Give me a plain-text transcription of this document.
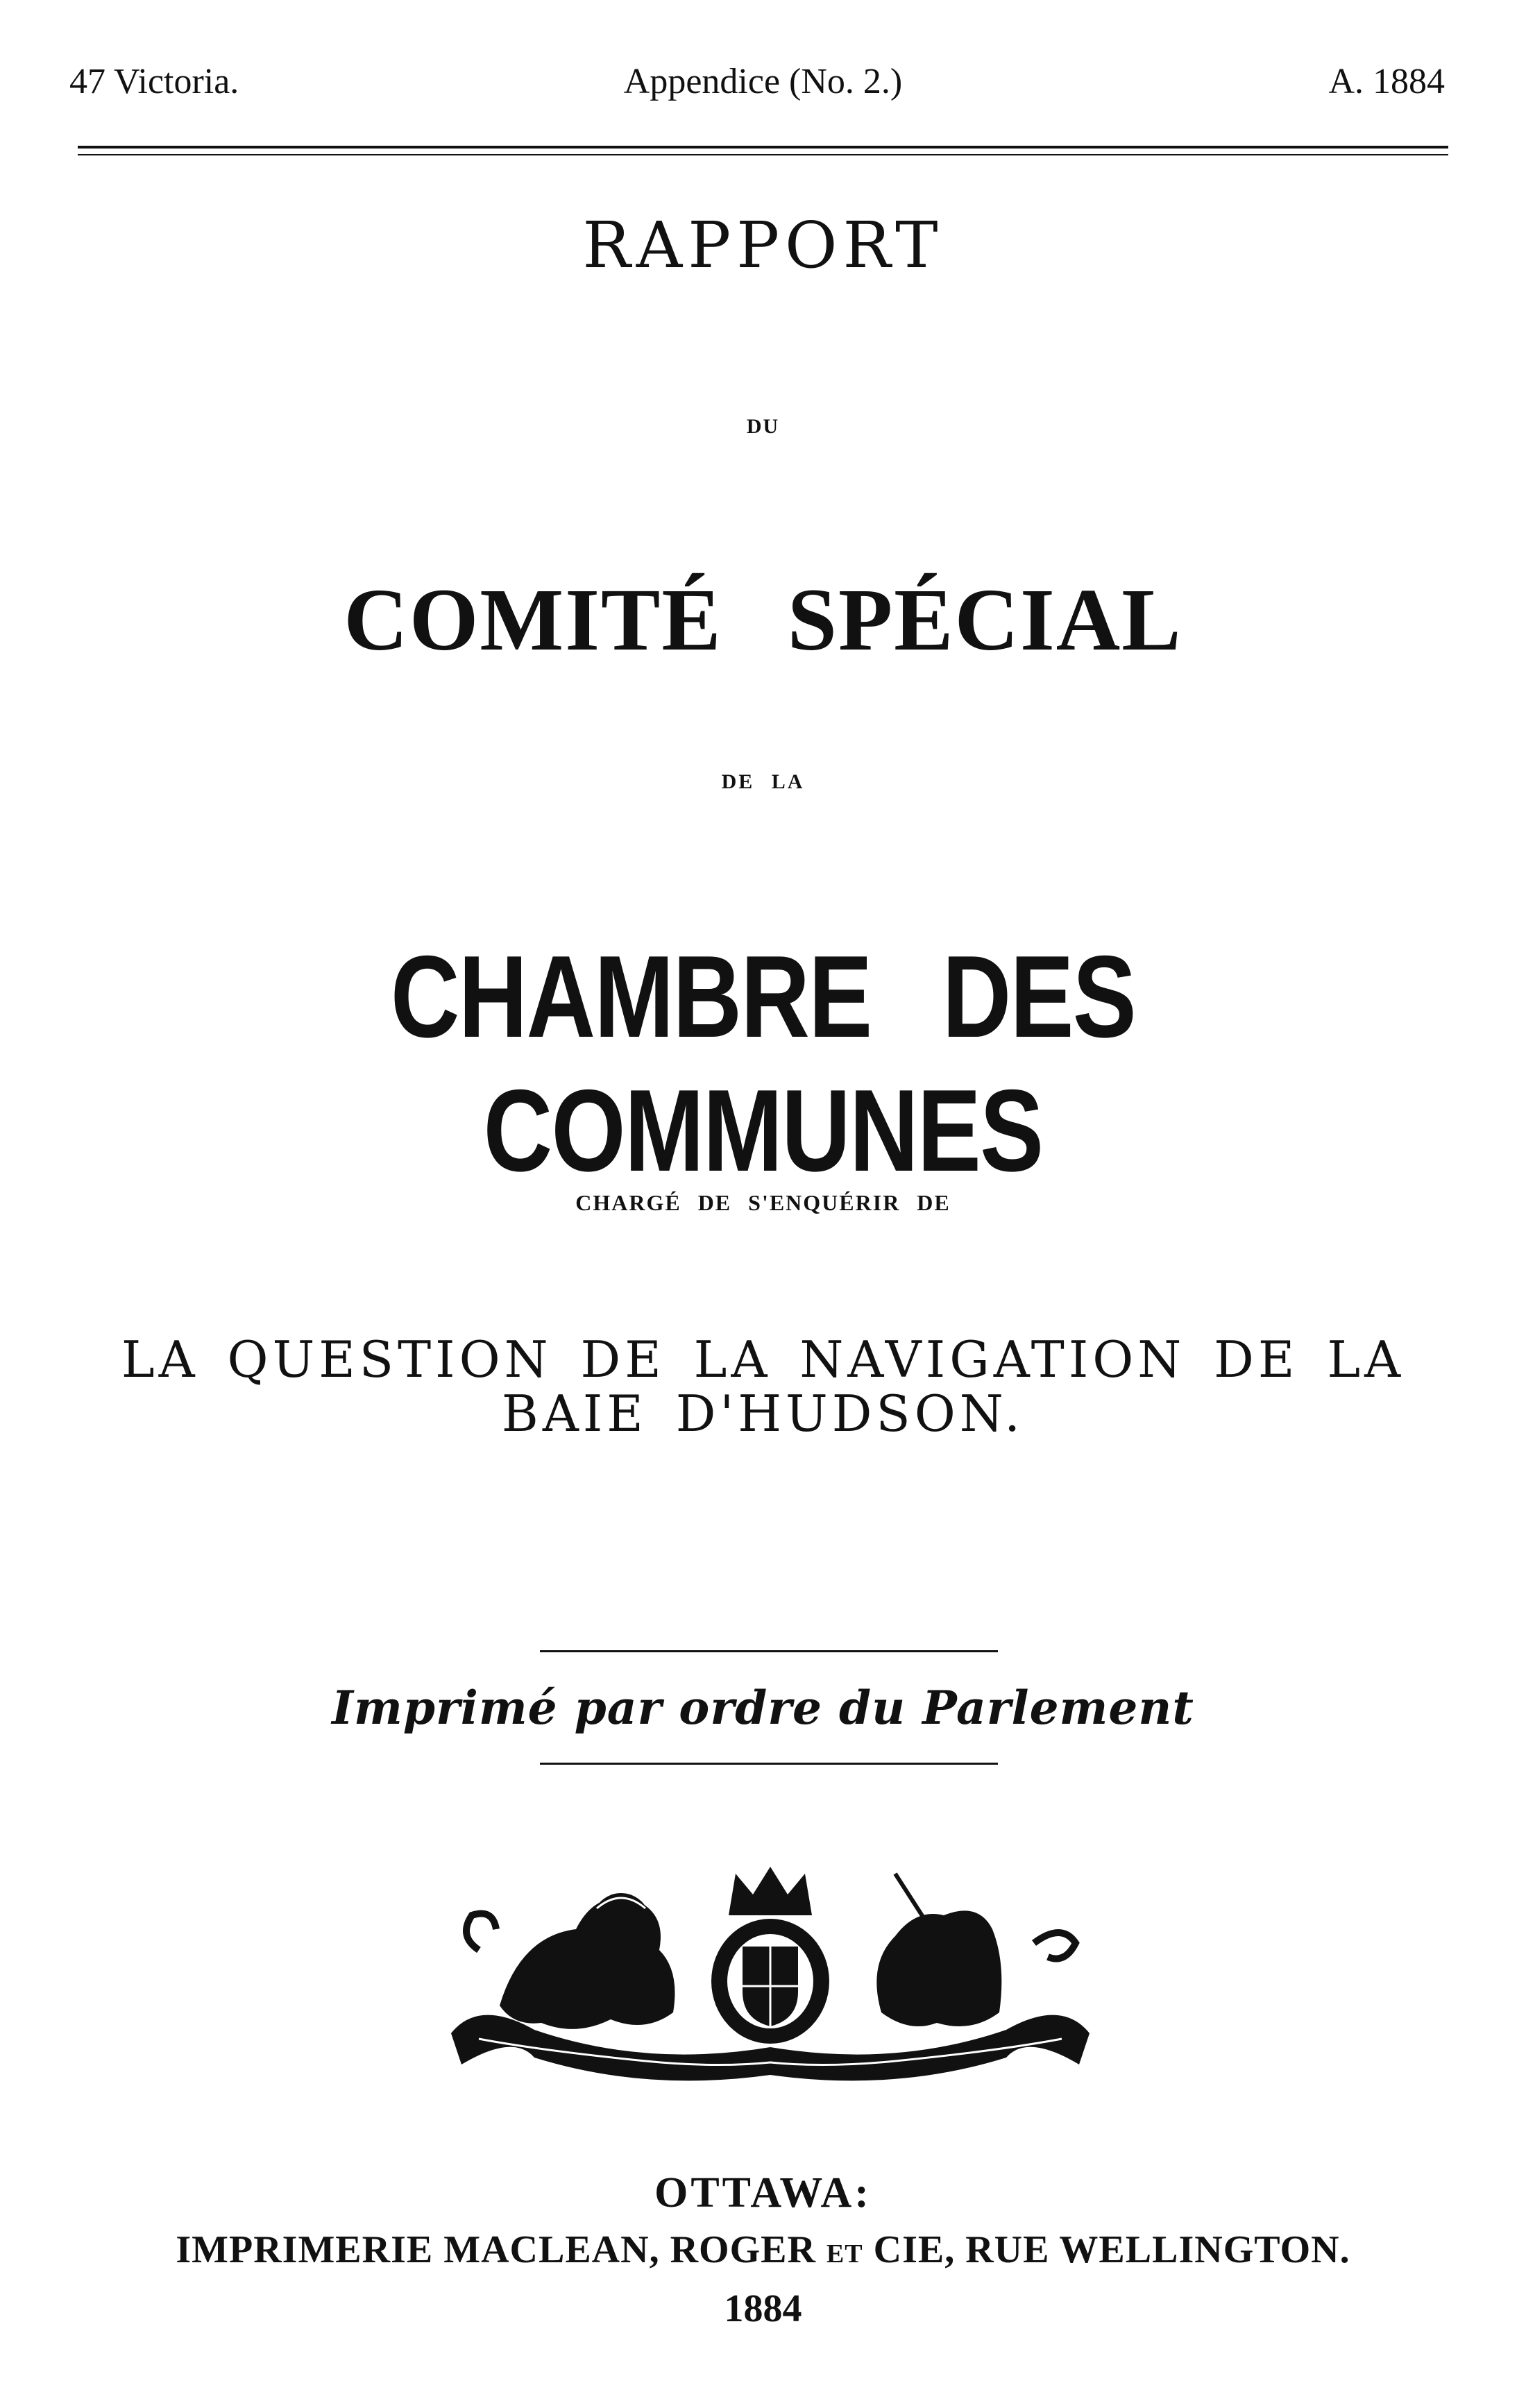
47 Victoria.	Appendice (No. 2.)	A. 1884
RAPPORT
DU
COMITÉ SPÉCIAL
DE LA
CHAMBRE DES COMMUNES
CHARGÉ DE S'ENQUÉRIR DE
LA QUESTION DE LA NAVIGATION DE LA
BAIE D'HUDSON.
Imprimé par ordre du Parlement
OTTAWA:
IMPRIMERIE MACLEAN, ROGER ET CIE, RUE WELLINGTON.
1884
